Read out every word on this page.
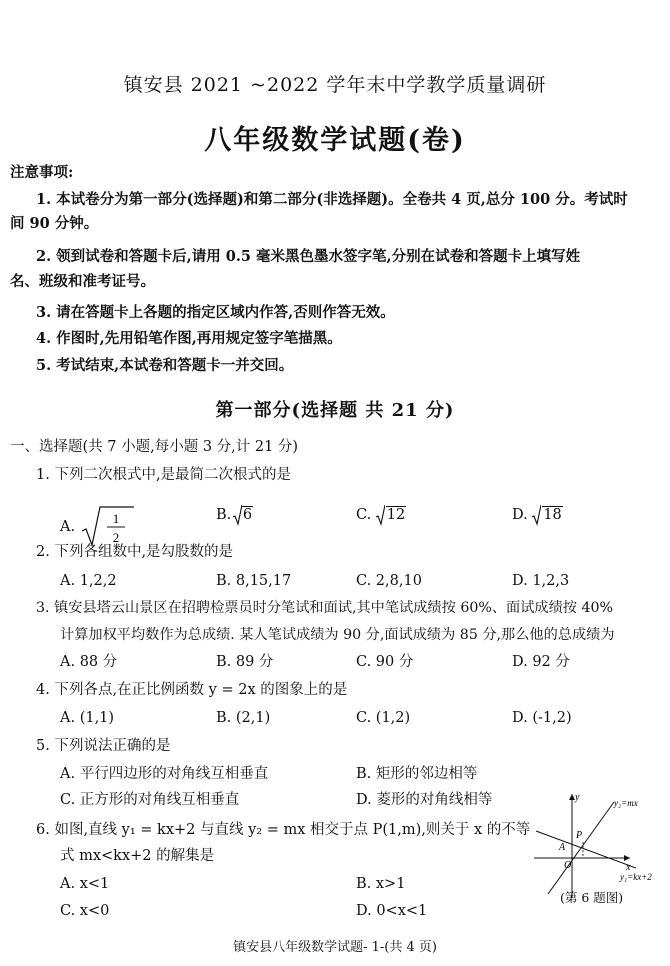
镇安县 2021 ~2022 学年末中学教学质量调研
八年级数学试题(卷)
注意事项:
1. 本试卷分为第一部分(选择题)和第二部分(非选择题)。全卷共 4 页,总分 100 分。考试时
间 90 分钟。
2. 领到试卷和答题卡后,请用 0.5 毫米黑色墨水签字笔,分别在试卷和答题卡上填写姓
名、班级和准考证号。
3. 请在答题卡上各题的指定区域内作答,否则作答无效。
4. 作图时,先用铅笔作图,再用规定签字笔描黑。
5. 考试结束,本试卷和答题卡一并交回。
第一部分(选择题 共 21 分)
一、选择题(共 7 小题,每小题 3 分,计 21 分)
1. 下列二次根式中,是最简二次根式的是
A.
1
2
B. 6	C. 12	D. 18
2. 下列各组数中,是勾股数的是
A. 1,2,2	B. 8,15,17	C. 2,8,10	D. 1,2,3
3. 镇安县塔云山景区在招聘检票员时分笔试和面试,其中笔试成绩按 60%、面试成绩按 40%
计算加权平均数作为总成绩. 某人笔试成绩为 90 分,面试成绩为 85 分,那么他的总成绩为
A. 88 分	B. 89 分	C. 90 分	D. 92 分
4. 下列各点,在正比例函数 y = 2x 的图象上的是
A. (1,1)	B. (2,1)	C. (1,2)	D. (-1,2)
5. 下列说法正确的是
A. 平行四边形的对角线互相垂直	B. 矩形的邻边相等
C. 正方形的对角线互相垂直	D. 菱形的对角线相等
6. 如图,直线 y₁ = kx+2 与直线 y₂ = mx 相交于点 P(1,m),则关于 x 的不等
式 mx<kx+2 的解集是
A. x<1	B. x>1
C. x<0	D. 0<x<1
y
x
O
A
P
y₂=mx
y₁=kx+2
(第 6 题图)
镇安县八年级数学试题- 1-(共 4 页)
